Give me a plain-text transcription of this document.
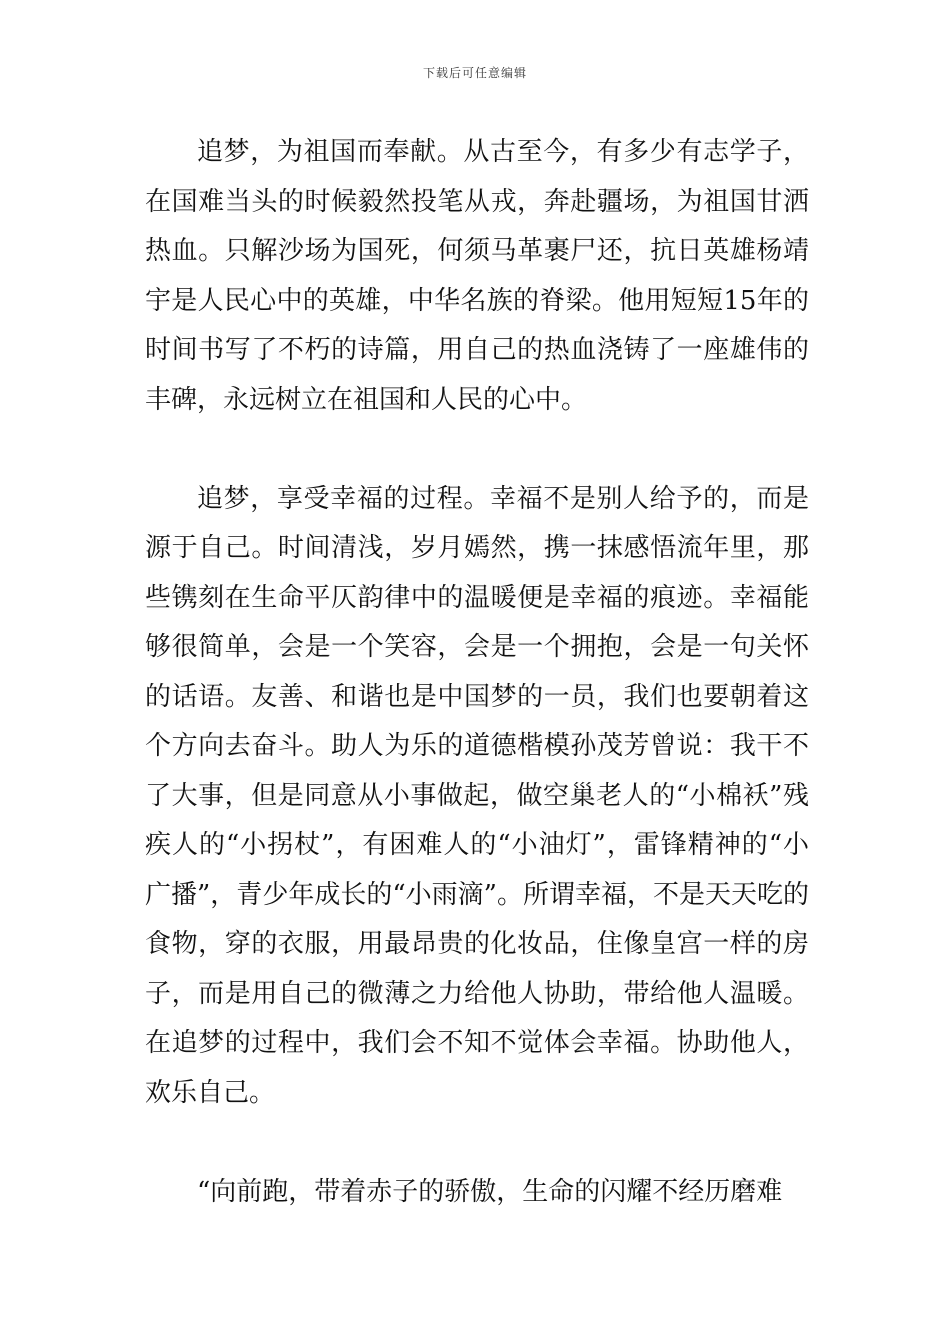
下载后可任意编辑

追梦，为祖国而奉献。从古至今，有多少有志学子，在国难当头的时候毅然投笔从戎，奔赴疆场，为祖国甘洒热血。只解沙场为国死，何须马革裹尸还，抗日英雄杨靖宇是人民心中的英雄，中华名族的脊梁。他用短短15年的时间书写了不朽的诗篇，用自己的热血浇铸了一座雄伟的丰碑，永远树立在祖国和人民的心中。

追梦，享受幸福的过程。幸福不是别人给予的，而是源于自己。时间清浅，岁月嫣然，携一抹感悟流年里，那些镌刻在生命平仄韵律中的温暖便是幸福的痕迹。幸福能够很简单，会是一个笑容，会是一个拥抱，会是一句关怀的话语。友善、和谐也是中国梦的一员，我们也要朝着这个方向去奋斗。助人为乐的道德楷模孙茂芳曾说：我干不了大事，但是同意从小事做起，做空巢老人的“小棉袄”残疾人的“小拐杖”，有困难人的“小油灯”，雷锋精神的“小广播”，青少年成长的“小雨滴”。所谓幸福，不是天天吃的食物，穿的衣服，用最昂贵的化妆品，住像皇宫一样的房子，而是用自己的微薄之力给他人协助，带给他人温暖。在追梦的过程中，我们会不知不觉体会幸福。协助他人，欢乐自己。

“向前跑，带着赤子的骄傲，生命的闪耀不经历磨难
